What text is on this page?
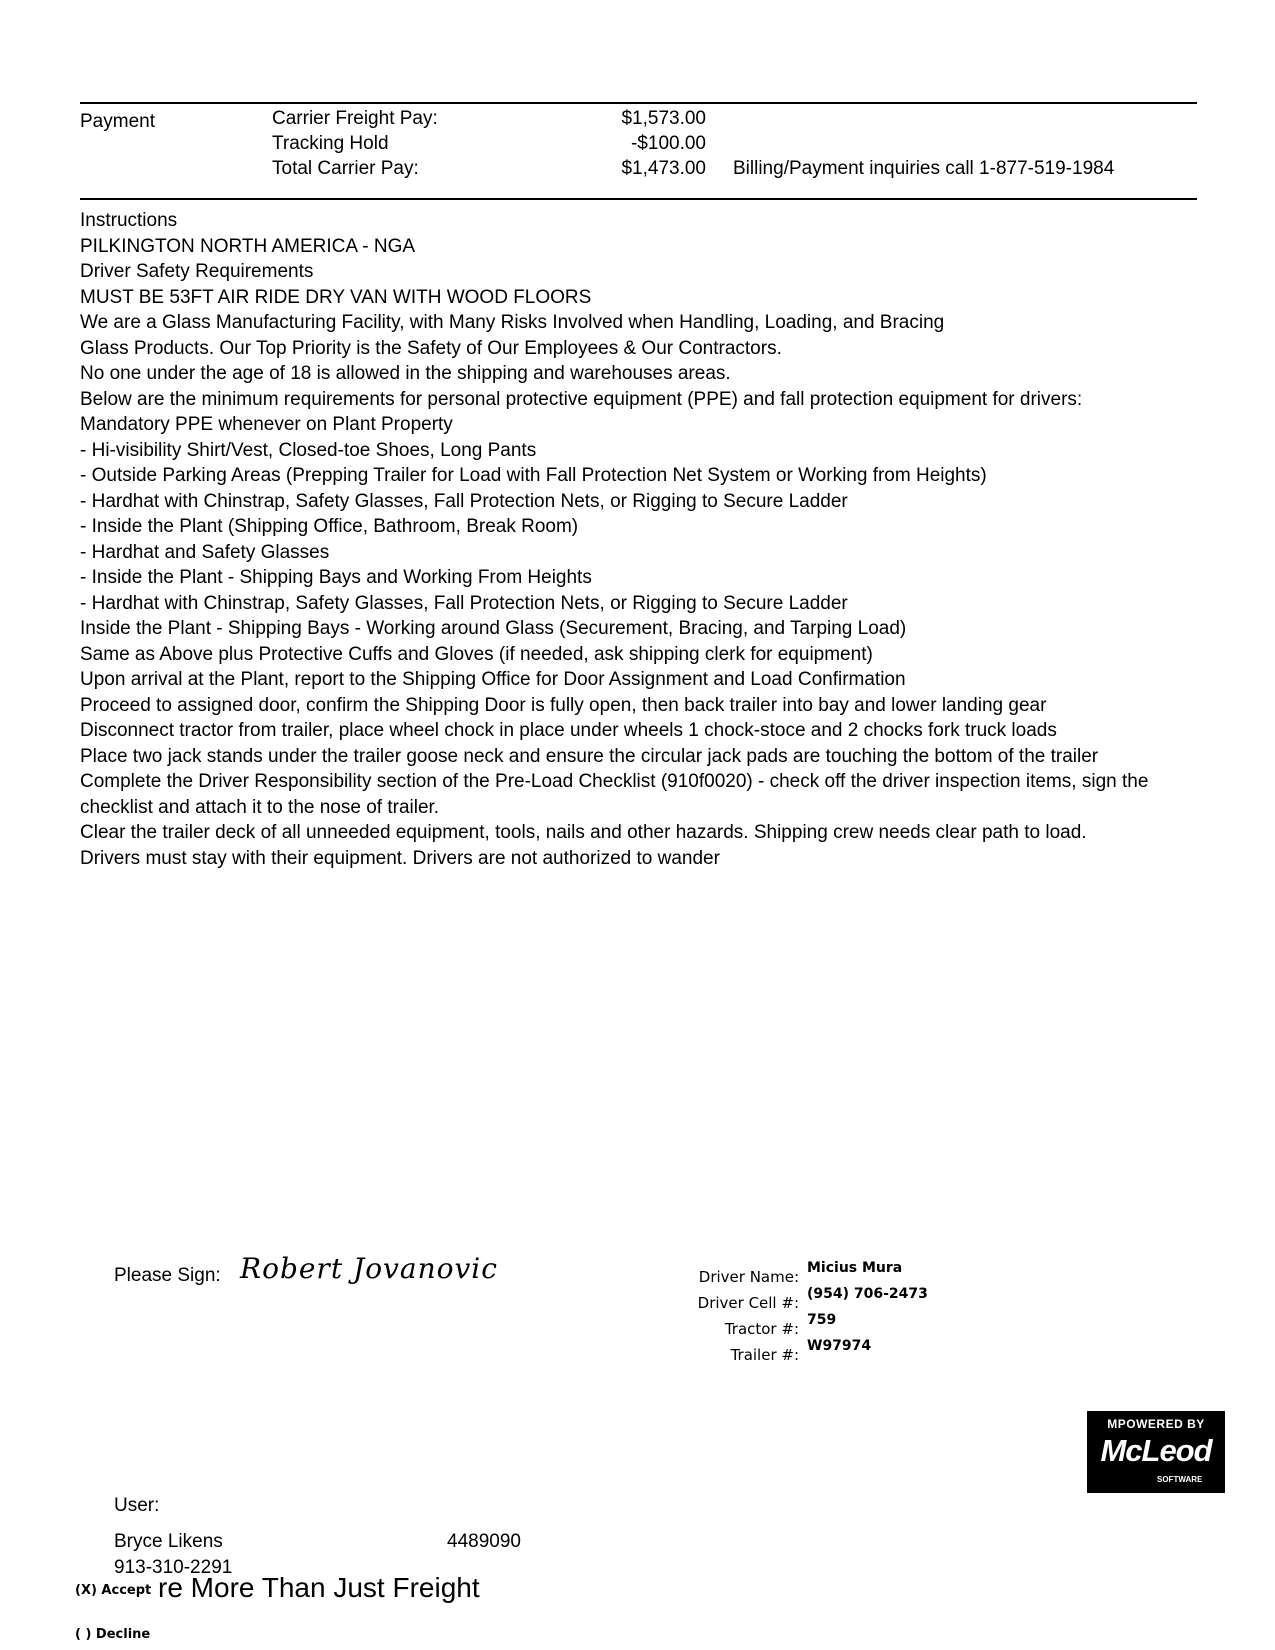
Payment	Carrier Freight Pay:	$1,573.00
Tracking Hold	-$100.00
Total Carrier Pay:	$1,473.00 Billing/Payment inquiries call 1-877-519-1984
Instructions
PILKINGTON NORTH AMERICA - NGA
Driver Safety Requirements
MUST BE 53FT AIR RIDE DRY VAN WITH WOOD FLOORS
We are a Glass Manufacturing Facility, with Many Risks Involved when Handling, Loading, and Bracing
Glass Products. Our Top Priority is the Safety of Our Employees & Our Contractors.
No one under the age of 18 is allowed in the shipping and warehouses areas.
Below are the minimum requirements for personal protective equipment (PPE) and fall protection equipment for drivers:
Mandatory PPE whenever on Plant Property
- Hi-visibility Shirt/Vest, Closed-toe Shoes, Long Pants
- Outside Parking Areas (Prepping Trailer for Load with Fall Protection Net System or Working from Heights)
- Hardhat with Chinstrap, Safety Glasses, Fall Protection Nets, or Rigging to Secure Ladder
- Inside the Plant (Shipping Office, Bathroom, Break Room)
- Hardhat and Safety Glasses
- Inside the Plant - Shipping Bays and Working From Heights
- Hardhat with Chinstrap, Safety Glasses, Fall Protection Nets, or Rigging to Secure Ladder
Inside the Plant - Shipping Bays - Working around Glass (Securement, Bracing, and Tarping Load)
Same as Above plus Protective Cuffs and Gloves (if needed, ask shipping clerk for equipment)
Upon arrival at the Plant, report to the Shipping Office for Door Assignment and Load Confirmation
Proceed to assigned door, confirm the Shipping Door is fully open, then back trailer into bay and lower landing gear
Disconnect tractor from trailer, place wheel chock in place under wheels 1 chock-stoce and 2 chocks fork truck loads
Place two jack stands under the trailer goose neck and ensure the circular jack pads are touching the bottom of the trailer
Complete the Driver Responsibility section of the Pre-Load Checklist (910f0020) - check off the driver inspection items, sign the checklist and attach it to the nose of trailer.
Clear the trailer deck of all unneeded equipment, tools, nails and other hazards. Shipping crew needs clear path to load.
Drivers must stay with their equipment. Drivers are not authorized to wander
Please Sign: Robert Jovanovic	Driver Name: Micius Mura
Driver Cell #: (954) 706-2473
Tractor #: 759
Trailer #: W97974
MPOWERED BY
McLeod
SOFTWARE
User:
Bryce Likens	4489090
913-310-2291
(X) Accept re More Than Just Freight
( ) Decline
